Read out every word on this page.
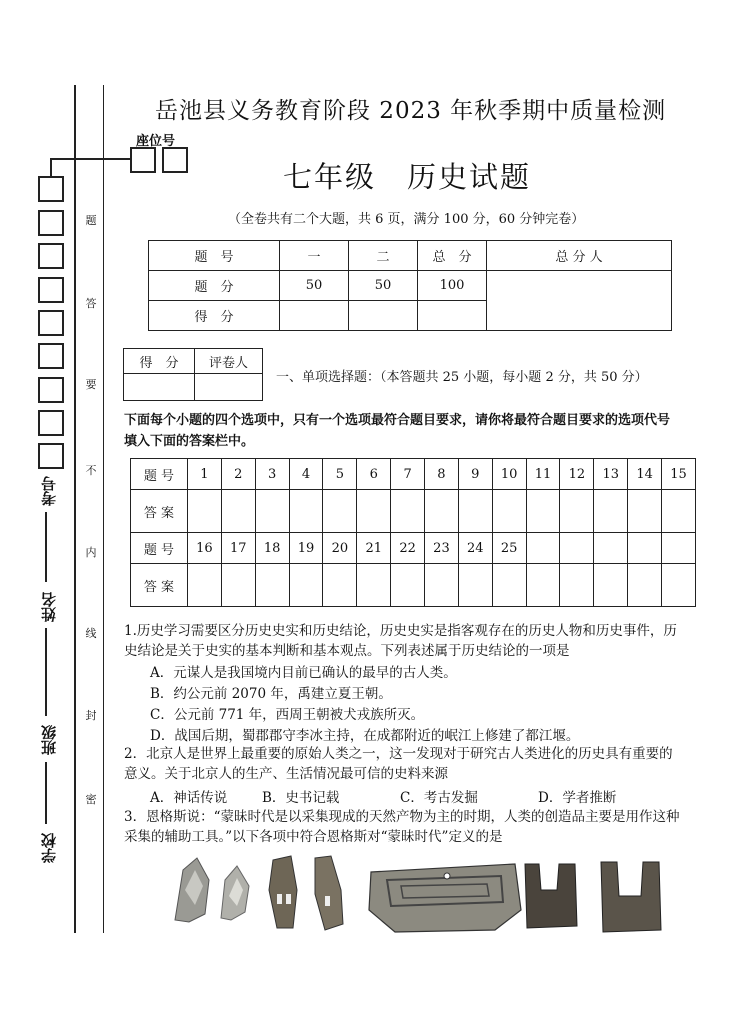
座位号
题
答
要
不
内
线
封
密
考号
姓名
班级
学校
岳池县义务教育阶段 2023 年秋季期中质量检测
七年级　历史试题
（全卷共有二个大题，共 6 页，满分 100 分，60 分钟完卷）
题　号	一	二	总　分	总 分 人
题　分	50	50	100	
得　分				
得　分	评卷人

一、单项选择题：（本答题共 25 小题，每小题 2 分，共 50 分）
下面每个小题的四个选项中，只有一个选项最符合题目要求，请你将最符合题目要求的选项代号填入下面的答案栏中。
题 号	1	2	3	4	5	6	7	8	9	10	11	12	13	14	15
答 案															
题 号	16	17	18	19	20	21	22	23	24	25					
答 案															
1.历史学习需要区分历史史实和历史结论，历史史实是指客观存在的历史人物和历史事件，历史结论是关于史实的基本判断和基本观点。下列表述属于历史结论的一项是
A．元谋人是我国境内目前已确认的最早的古人类。
B．约公元前 2070 年，禹建立夏王朝。
C．公元前 771 年，西周王朝被犬戎族所灭。
D．战国后期，蜀郡郡守李冰主持，在成都附近的岷江上修建了都江堰。
2．北京人是世界上最重要的原始人类之一，这一发现对于研究古人类进化的历史具有重要的意义。关于北京人的生产、生活情况最可信的史料来源
A．神话传说	B．史书记载	C．考古发掘	D．学者推断
3．恩格斯说：“蒙昧时代是以采集现成的天然产物为主的时期，人类的创造品主要是用作这种采集的辅助工具。”以下各项中符合恩格斯对“蒙昧时代”定义的是
